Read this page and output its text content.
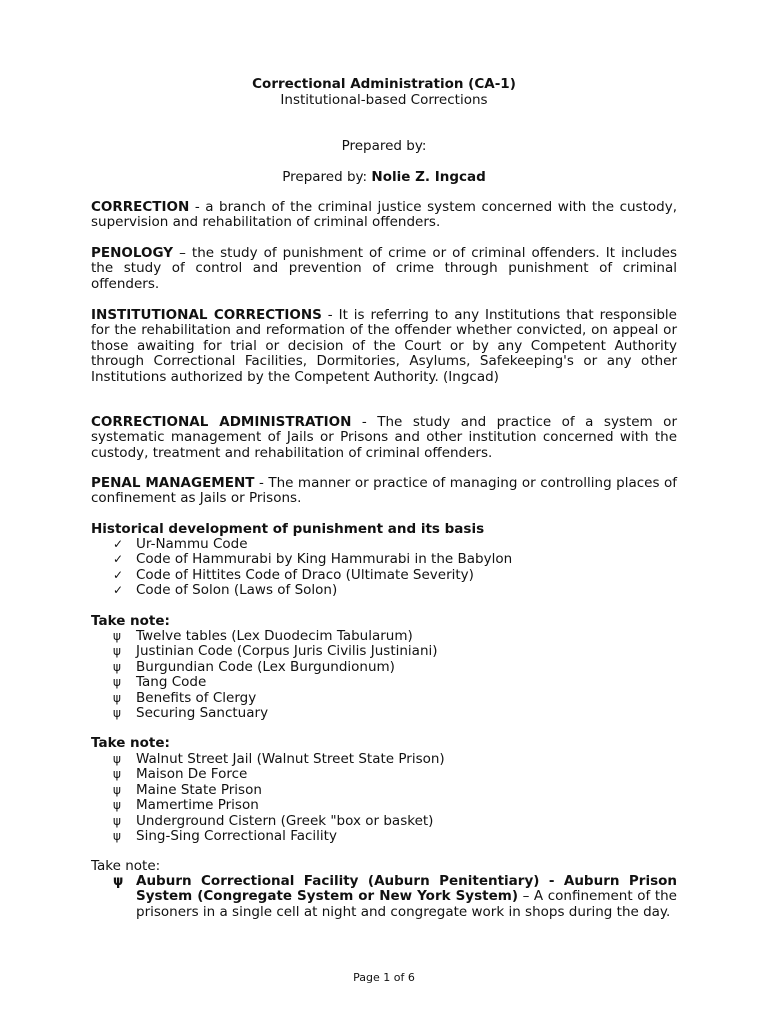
Correctional Administration (CA-1)
Institutional-based Corrections
Prepared by:
Prepared by: Nolie Z. Ingcad
CORRECTION - a branch of the criminal justice system concerned with the custody, supervision and rehabilitation of criminal offenders.
PENOLOGY – the study of punishment of crime or of criminal offenders. It includes the study of control and prevention of crime through punishment of criminal offenders.
INSTITUTIONAL CORRECTIONS - It is referring to any Institutions that responsible for the rehabilitation and reformation of the offender whether convicted, on appeal or those awaiting for trial or decision of the Court or by any Competent Authority through Correctional Facilities, Dormitories, Asylums, Safekeeping's or any other Institutions authorized by the Competent Authority. (Ingcad)
CORRECTIONAL ADMINISTRATION - The study and practice of a system or systematic management of Jails or Prisons and other institution concerned with the custody, treatment and rehabilitation of criminal offenders.
PENAL MANAGEMENT - The manner or practice of managing or controlling places of confinement as Jails or Prisons.
Historical development of punishment and its basis
✓ Ur-Nammu Code
✓ Code of Hammurabi by King Hammurabi in the Babylon
✓ Code of Hittites Code of Draco (Ultimate Severity)
✓ Code of Solon (Laws of Solon)
Take note:
ψ	Twelve tables (Lex Duodecim Tabularum)
ψ	Justinian Code (Corpus Juris Civilis Justiniani)
ψ	Burgundian Code (Lex Burgundionum)
ψ	Tang Code
ψ	Benefits of Clergy
ψ	Securing Sanctuary
Take note:
ψ	Walnut Street Jail (Walnut Street State Prison)
ψ	Maison De Force
ψ	Maine State Prison
ψ	Mamertime Prison
ψ	Underground Cistern (Greek "box or basket)
ψ	Sing-Sing Correctional Facility
Take note:
ψ Auburn Correctional Facility (Auburn Penitentiary) - Auburn Prison System (Congregate System or New York System) – A confinement of the prisoners in a single cell at night and congregate work in shops during the day.
Page 1 of 6
